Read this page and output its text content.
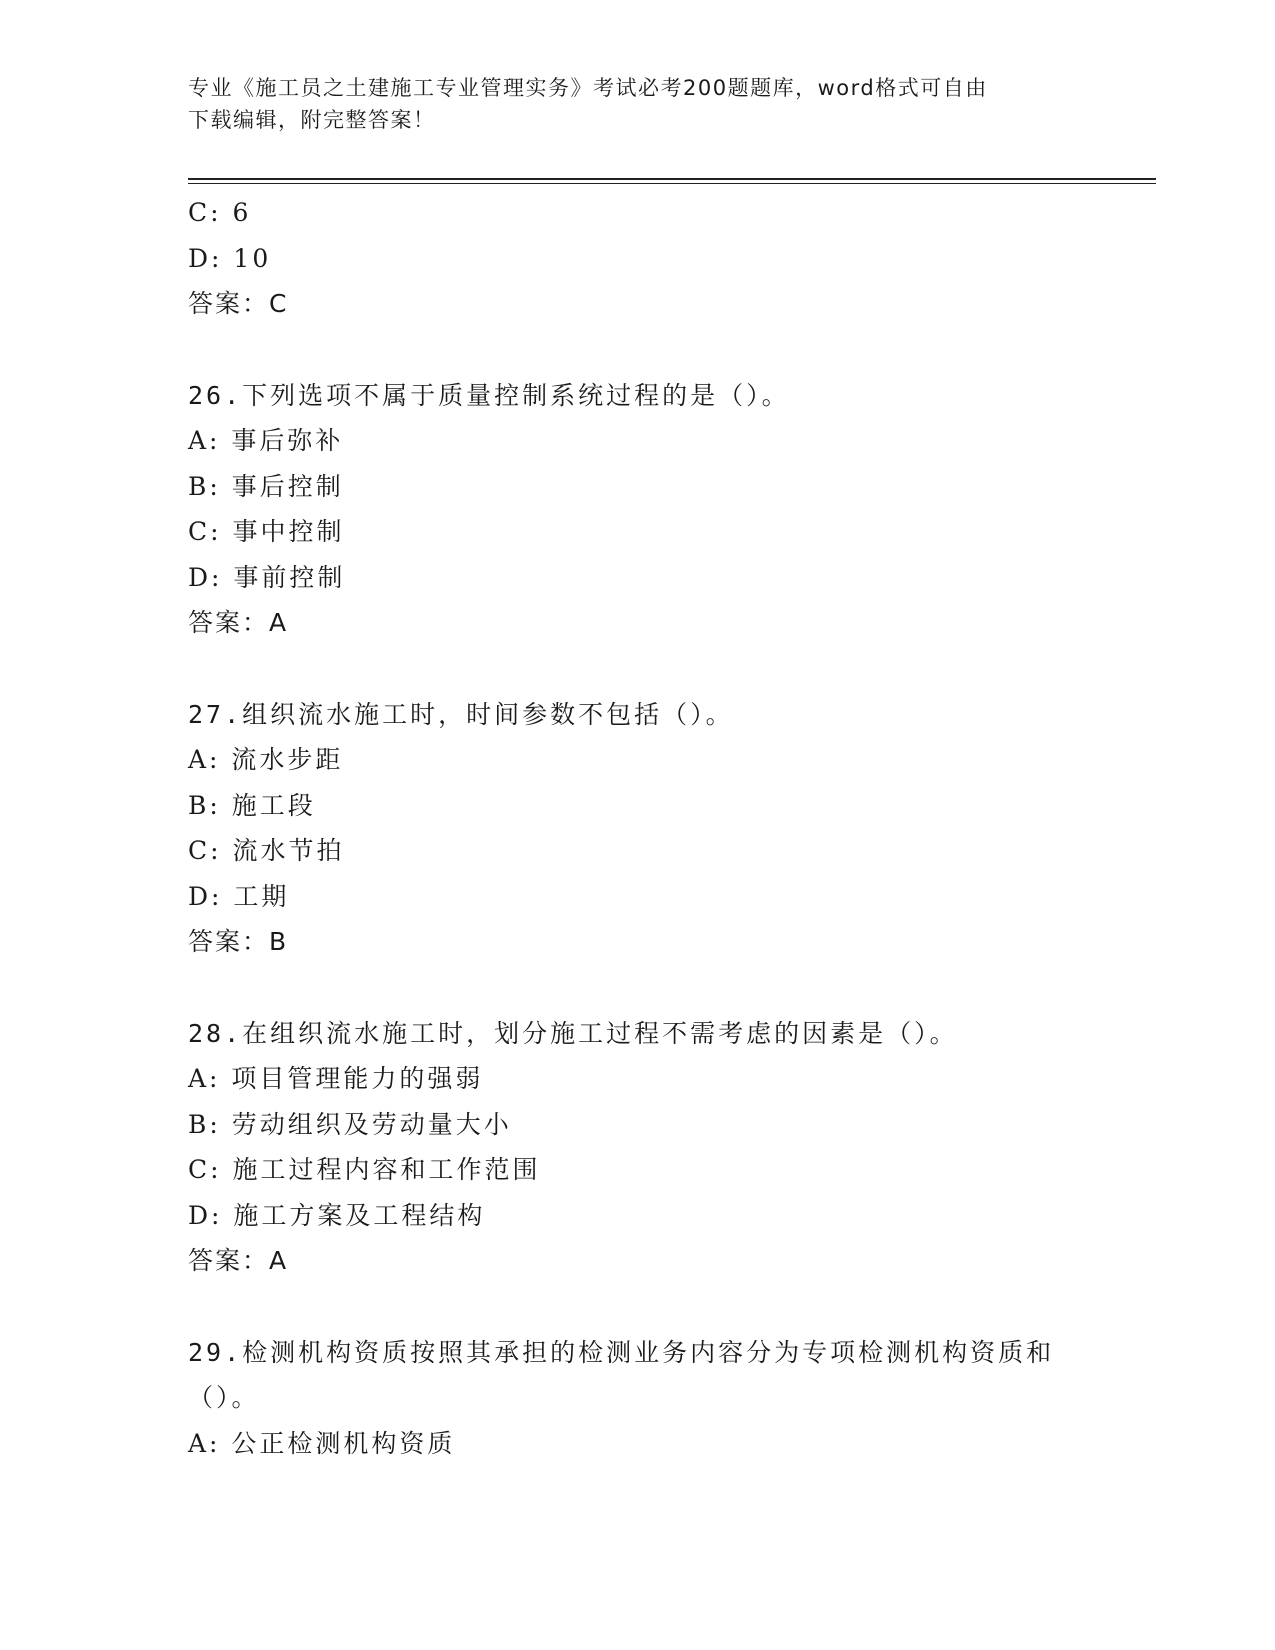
专业《施工员之土建施工专业管理实务》考试必考200题题库，word格式可自由
下载编辑，附完整答案！
C: 6
D: 10
答案：C
26.下列选项不属于质量控制系统过程的是（）。
A: 事后弥补
B: 事后控制
C: 事中控制
D: 事前控制
答案：A
27.组织流水施工时，时间参数不包括（）。
A: 流水步距
B: 施工段
C: 流水节拍
D: 工期
答案：B
28.在组织流水施工时，划分施工过程不需考虑的因素是（）。
A: 项目管理能力的强弱
B: 劳动组织及劳动量大小
C: 施工过程内容和工作范围
D: 施工方案及工程结构
答案：A
29.检测机构资质按照其承担的检测业务内容分为专项检测机构资质和
（）。
A: 公正检测机构资质
